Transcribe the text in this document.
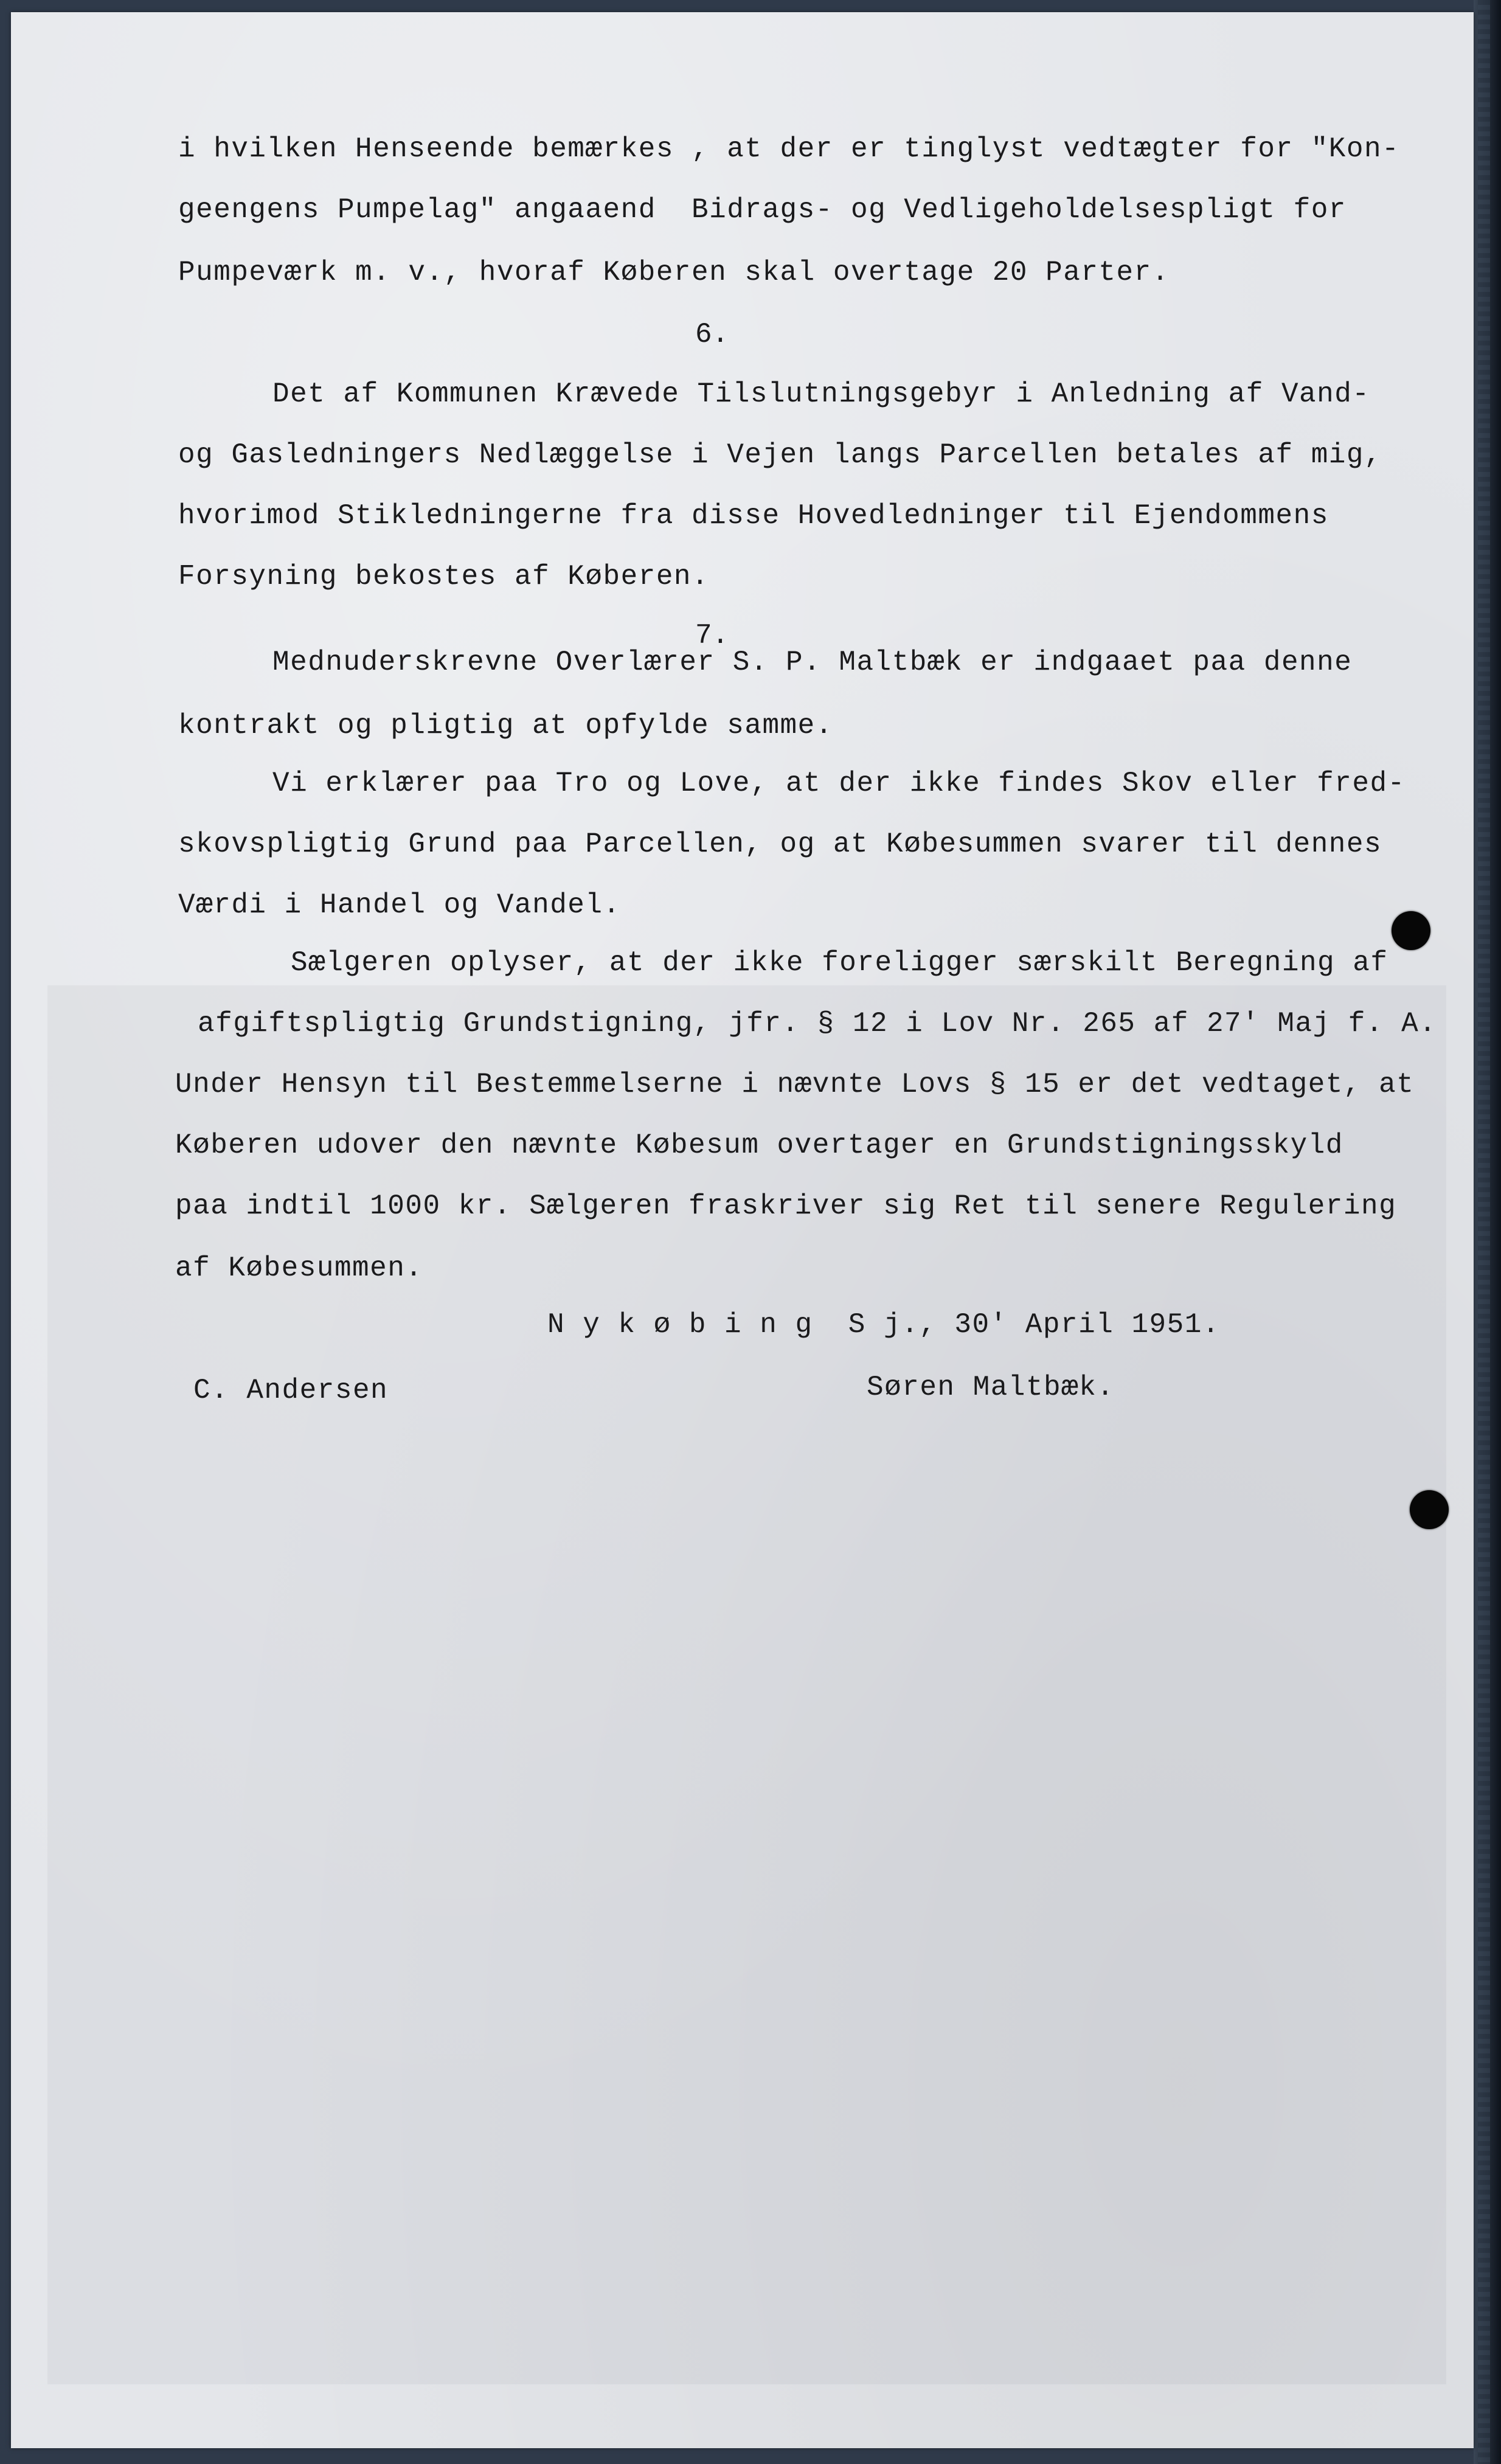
i hvilken Henseende bemærkes , at der er tinglyst vedtægter for "Kon-
geengens Pumpelag" angaaend  Bidrags- og Vedligeholdelsespligt for
Pumpeværk m. v., hvoraf Køberen skal overtage 20 Parter.
6.
Det af Kommunen Krævede Tilslutningsgebyr i Anledning af Vand-
og Gasledningers Nedlæggelse i Vejen langs Parcellen betales af mig,
hvorimod Stikledningerne fra disse Hovedledninger til Ejendommens
Forsyning bekostes af Køberen.
7.
Mednuderskrevne Overlærer S. P. Maltbæk er indgaaet paa denne
kontrakt og pligtig at opfylde samme.
Vi erklærer paa Tro og Love, at der ikke findes Skov eller fred-
skovspligtig Grund paa Parcellen, og at Købesummen svarer til dennes
Værdi i Handel og Vandel.
Sælgeren oplyser, at der ikke foreligger særskilt Beregning af
afgiftspligtig Grundstigning, jfr. § 12 i Lov Nr. 265 af 27' Maj f. A.
Under Hensyn til Bestemmelserne i nævnte Lovs § 15 er det vedtaget, at
Køberen udover den nævnte Købesum overtager en Grundstigningsskyld
paa indtil 1000 kr. Sælgeren fraskriver sig Ret til senere Regulering
af Købesummen.
N y k ø b i n g  S j., 30' April 1951.
C. Andersen	Søren Maltbæk.
